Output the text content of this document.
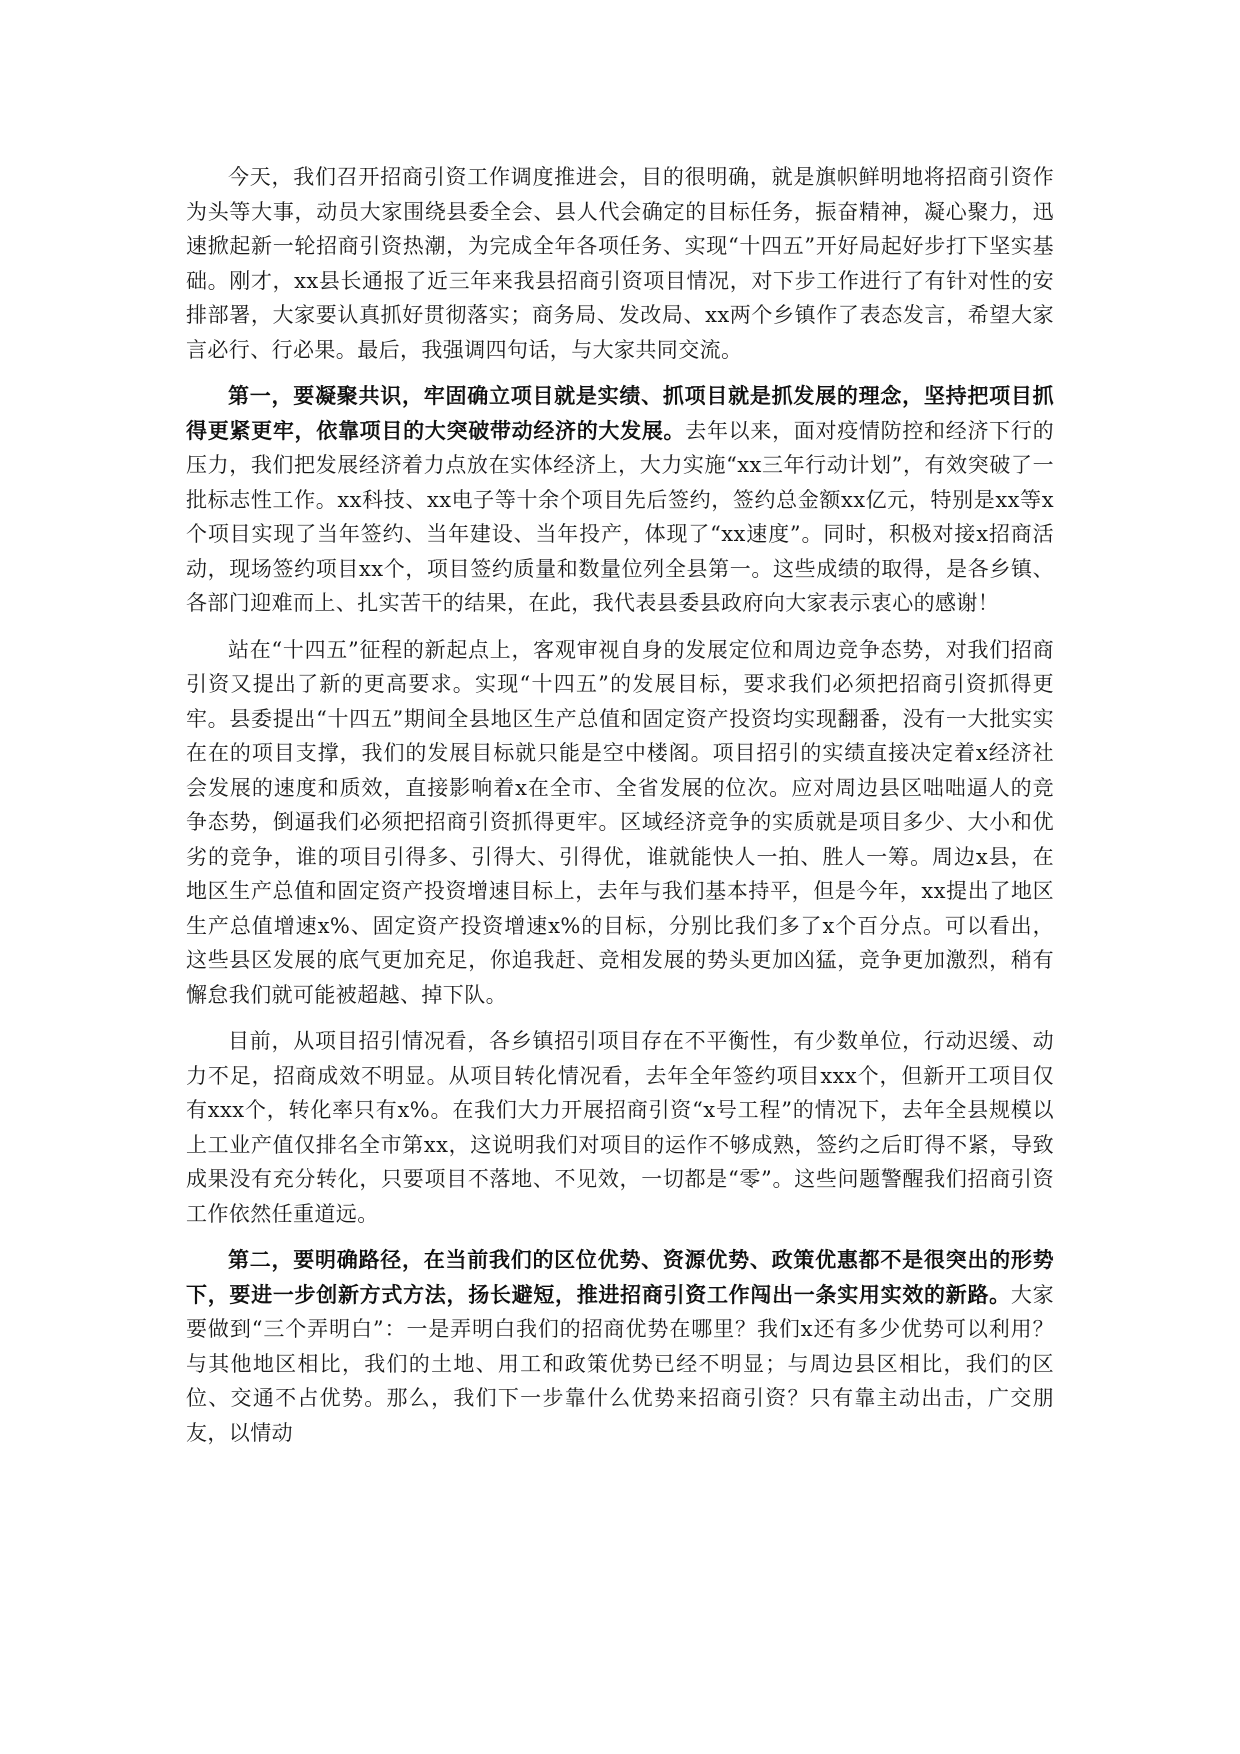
今天，我们召开招商引资工作调度推进会，目的很明确，就是旗帜鲜明地将招商引资作为头等大事，动员大家围绕县委全会、县人代会确定的目标任务，振奋精神，凝心聚力，迅速掀起新一轮招商引资热潮，为完成全年各项任务、实现“十四五”开好局起好步打下坚实基础。刚才，xx县长通报了近三年来我县招商引资项目情况，对下步工作进行了有针对性的安排部署，大家要认真抓好贯彻落实；商务局、发改局、xx两个乡镇作了表态发言，希望大家言必行、行必果。最后，我强调四句话，与大家共同交流。

第一，要凝聚共识，牢固确立项目就是实绩、抓项目就是抓发展的理念，坚持把项目抓得更紧更牢，依靠项目的大突破带动经济的大发展。去年以来，面对疫情防控和经济下行的压力，我们把发展经济着力点放在实体经济上，大力实施“xx三年行动计划”，有效突破了一批标志性工作。xx科技、xx电子等十余个项目先后签约，签约总金额xx亿元，特别是xx等x个项目实现了当年签约、当年建设、当年投产，体现了“xx速度”。同时，积极对接x招商活动，现场签约项目xx个，项目签约质量和数量位列全县第一。这些成绩的取得，是各乡镇、各部门迎难而上、扎实苦干的结果，在此，我代表县委县政府向大家表示衷心的感谢！

站在“十四五”征程的新起点上，客观审视自身的发展定位和周边竞争态势，对我们招商引资又提出了新的更高要求。实现“十四五”的发展目标，要求我们必须把招商引资抓得更牢。县委提出“十四五”期间全县地区生产总值和固定资产投资均实现翻番，没有一大批实实在在的项目支撑，我们的发展目标就只能是空中楼阁。项目招引的实绩直接决定着x经济社会发展的速度和质效，直接影响着x在全市、全省发展的位次。应对周边县区咄咄逼人的竞争态势，倒逼我们必须把招商引资抓得更牢。区域经济竞争的实质就是项目多少、大小和优劣的竞争，谁的项目引得多、引得大、引得优，谁就能快人一拍、胜人一筹。周边x县，在地区生产总值和固定资产投资增速目标上，去年与我们基本持平，但是今年，xx提出了地区生产总值增速x%、固定资产投资增速x%的目标，分别比我们多了x个百分点。可以看出，这些县区发展的底气更加充足，你追我赶、竞相发展的势头更加凶猛，竞争更加激烈，稍有懈怠我们就可能被超越、掉下队。

目前，从项目招引情况看，各乡镇招引项目存在不平衡性，有少数单位，行动迟缓、动力不足，招商成效不明显。从项目转化情况看，去年全年签约项目xxx个，但新开工项目仅有xxx个，转化率只有x%。在我们大力开展招商引资“x号工程”的情况下，去年全县规模以上工业产值仅排名全市第xx，这说明我们对项目的运作不够成熟，签约之后盯得不紧，导致成果没有充分转化，只要项目不落地、不见效，一切都是“零”。这些问题警醒我们招商引资工作依然任重道远。

第二，要明确路径，在当前我们的区位优势、资源优势、政策优惠都不是很突出的形势下，要进一步创新方式方法，扬长避短，推进招商引资工作闯出一条实用实效的新路。大家要做到“三个弄明白”：一是弄明白我们的招商优势在哪里？我们x还有多少优势可以利用？与其他地区相比，我们的土地、用工和政策优势已经不明显；与周边县区相比，我们的区位、交通不占优势。那么，我们下一步靠什么优势来招商引资？只有靠主动出击，广交朋友，以情动
